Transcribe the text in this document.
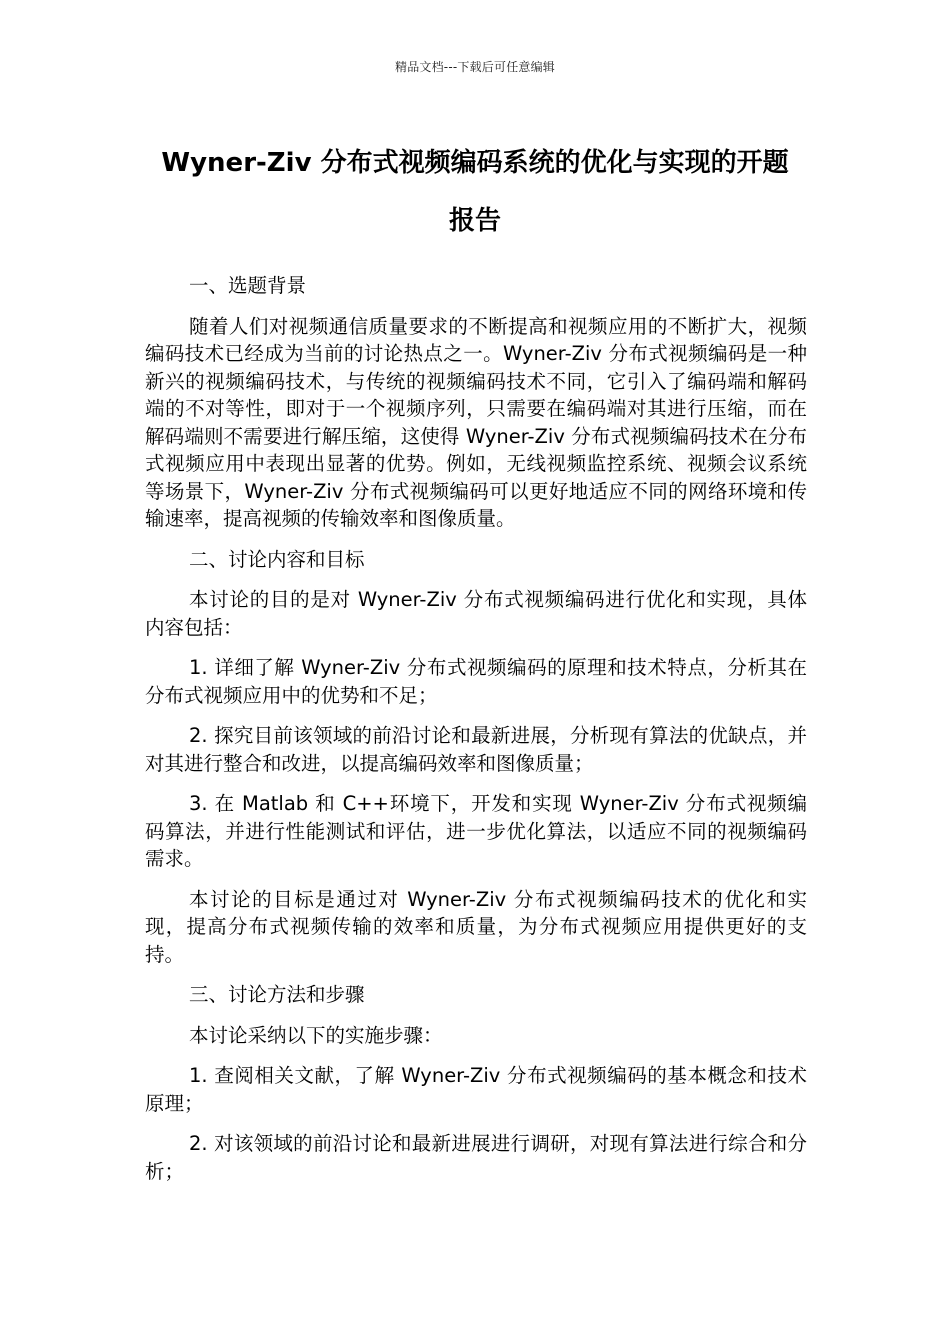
精品文档---下载后可任意编辑
Wyner-Ziv 分布式视频编码系统的优化与实现的开题
报告

一、选题背景

随着人们对视频通信质量要求的不断提高和视频应用的不断扩大，视频编码技术已经成为当前的讨论热点之一。Wyner-Ziv 分布式视频编码是一种新兴的视频编码技术，与传统的视频编码技术不同，它引入了编码端和解码端的不对等性，即对于一个视频序列，只需要在编码端对其进行压缩，而在解码端则不需要进行解压缩，这使得 Wyner-Ziv 分布式视频编码技术在分布式视频应用中表现出显著的优势。例如，无线视频监控系统、视频会议系统等场景下，Wyner-Ziv 分布式视频编码可以更好地适应不同的网络环境和传输速率，提高视频的传输效率和图像质量。

二、讨论内容和目标

本讨论的目的是对 Wyner-Ziv 分布式视频编码进行优化和实现，具体内容包括：

1. 详细了解 Wyner-Ziv 分布式视频编码的原理和技术特点，分析其在分布式视频应用中的优势和不足；

2. 探究目前该领域的前沿讨论和最新进展，分析现有算法的优缺点，并对其进行整合和改进，以提高编码效率和图像质量；

3. 在 Matlab 和 C++环境下，开发和实现 Wyner-Ziv 分布式视频编码算法，并进行性能测试和评估，进一步优化算法，以适应不同的视频编码需求。

本讨论的目标是通过对 Wyner-Ziv 分布式视频编码技术的优化和实现，提高分布式视频传输的效率和质量，为分布式视频应用提供更好的支持。

三、讨论方法和步骤

本讨论采纳以下的实施步骤：

1. 查阅相关文献，了解 Wyner-Ziv 分布式视频编码的基本概念和技术原理；

2. 对该领域的前沿讨论和最新进展进行调研，对现有算法进行综合和分析；
